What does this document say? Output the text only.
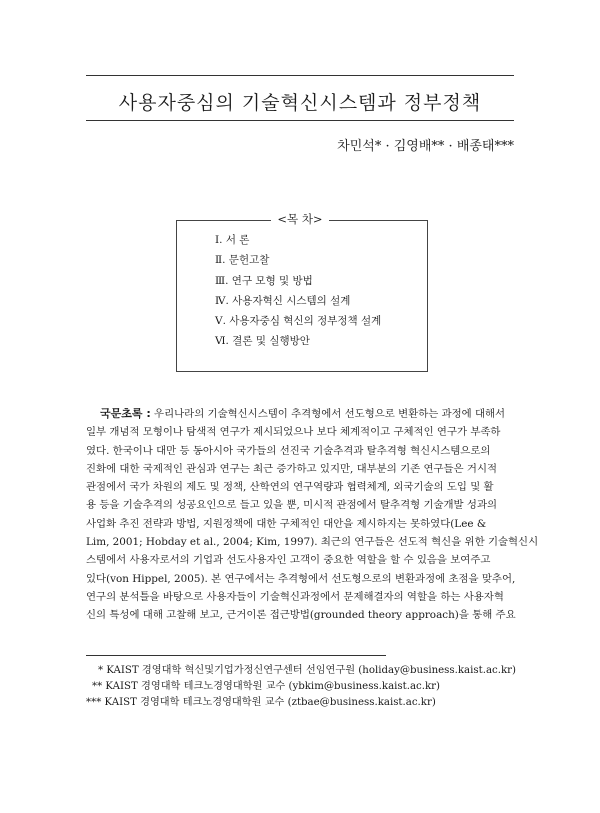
사용자중심의 기술혁신시스템과 정부정책
차민석* · 김영배** · 배종태***
<목 차>
Ⅰ. 서 론
Ⅱ. 문헌고찰
Ⅲ. 연구 모형 및 방법
Ⅳ. 사용자혁신 시스템의 설계
Ⅴ. 사용자중심 혁신의 정부정책 설계
Ⅵ. 결론 및 실행방안
국문초록 : 우리나라의 기술혁신시스템이 추격형에서 선도형으로 변환하는 과정에 대해서
일부 개념적 모형이나 탐색적 연구가 제시되었으나 보다 체계적이고 구체적인 연구가 부족하
였다. 한국이나 대만 등 동아시아 국가들의 선진국 기술추격과 탈추격형 혁신시스템으로의
진화에 대한 국제적인 관심과 연구는 최근 증가하고 있지만, 대부분의 기존 연구들은 거시적
관점에서 국가 차원의 제도 및 정책, 산학연의 연구역량과 협력체계, 외국기술의 도입 및 활
용 등을 기술추격의 성공요인으로 들고 있을 뿐, 미시적 관점에서 탈추격형 기술개발 성과의
사업화 추진 전략과 방법, 지원정책에 대한 구체적인 대안을 제시하지는 못하였다(Lee &
Lim, 2001; Hobday et al., 2004; Kim, 1997). 최근의 연구들은 선도적 혁신을 위한 기술혁신시
스템에서 사용자로서의 기업과 선도사용자인 고객이 중요한 역할을 할 수 있음을 보여주고
있다(von Hippel, 2005). 본 연구에서는 추격형에서 선도형으로의 변환과정에 초점을 맞추어,
연구의 분석틀을 바탕으로 사용자들이 기술혁신과정에서 문제해결자의 역할을 하는 사용자혁
신의 특성에 대해 고찰해 보고, 근거이론 접근방법(grounded theory approach)을 통해 주요
* KAIST 경영대학 혁신및기업가정신연구센터 선임연구원 (holiday@business.kaist.ac.kr)
** KAIST 경영대학 테크노경영대학원 교수 (ybkim@business.kaist.ac.kr)
*** KAIST 경영대학 테크노경영대학원 교수 (ztbae@business.kaist.ac.kr)
